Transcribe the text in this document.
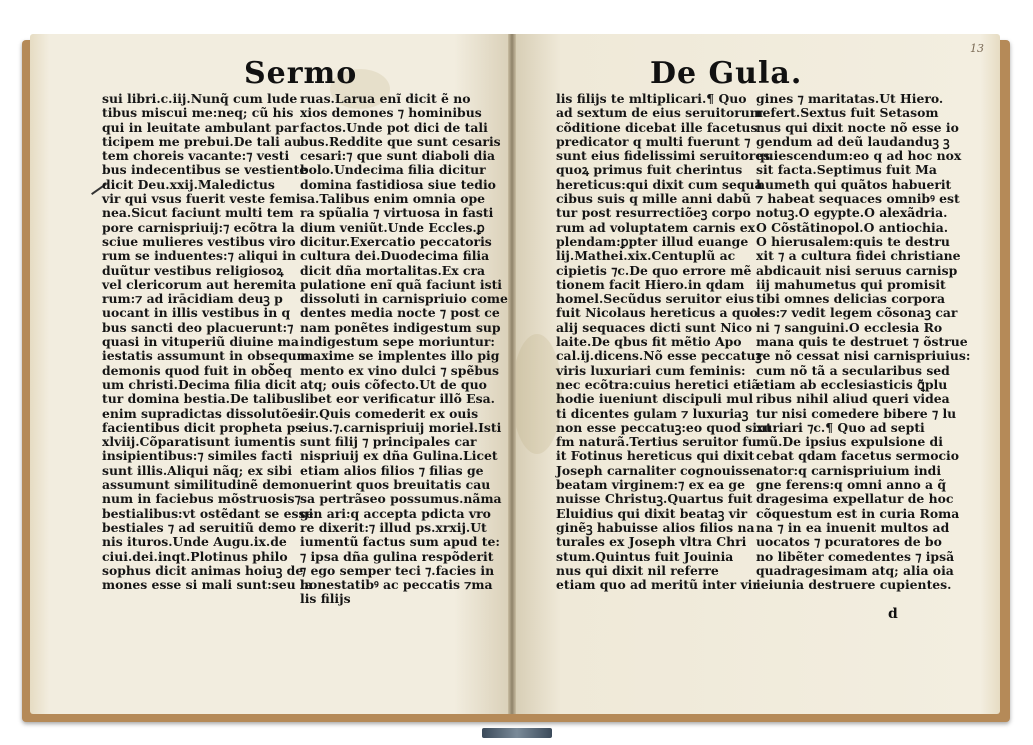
Sermo
sui libri.c.iij.Nunq̃ cum lude
tibus miscui me:neq; cũ his
qui in leuitate ambulant par
ticipem me prebui.De tali au
tem choreis vacante:⁊ vesti
bus indecentibus se vestiente
dicit Deu.xxij.Maledictus
vir qui vsus fuerit veste femi
nea.Sicut faciunt multi tem
pore carnispriuij:⁊ ecõtra la
sciue mulieres vestibus viro
rum se induentes:⁊ aliqui in
duũtur vestibus religiosoꝝ
vel clericorum aut heremita
rum:⁊ ad irācidiam deuꝫ p
uocant in illis vestibus in q
bus sancti deo placuerunt:⁊
quasi in vituperiũ diuine ma
iestatis assumunt in obsequm
demonis quod fuit in obꝺ̃eq
um christi.Decima filia dicit
tur domina bestia.De talibus
enim supradictas dissolutões
facientibus dicit propheta ps
xlviij.Cõparatisunt iumentis
insipientibus:⁊ similes facti
sunt illis.Aliqui nãq; ex sibi
assumunt similitudinẽ demo
num in faciebus mõstruosis⁊
bestialibus:vt ostẽdant se esse
bestiales ⁊ ad seruitiũ demo
nis ituros.Unde Augu.ix.de
ciui.dei.inqt.Plotinus philo
sophus dicit animas hoiuꝫ de
mones esse si mali sunt:seu la
ruas.Larua enĩ dicit ẽ no
xios demones ⁊ hominibus
factos.Unde pot dici de tali
bus.Reddite que sunt cesaris
cesari:⁊ que sunt diaboli dia
bolo.Undecima filia dicitur
domina fastidiosa siue tedio
sa.Talibus enim omnia ope
ra spũalia ⁊ virtuosa in fasti
dium veniũt.Unde Eccles.ꝑ
dicitur.Exercatio peccatoris
cultura dei.Duodecima filia
dicit dña mortalitas.Ex cra
pulatione enĩ quã faciunt isti
dissoluti in carnispriuio come
dentes media nocte ⁊ post ce
nam ponẽtes indigestum sup
indigestum sepe moriuntur:
maxime se implentes illo pig
mento ex vino dulci ⁊ spẽbus
atq; ouis cõfecto.Ut de quo
libet eor verificatur illõ Esa.
iir.Quis comederit ex ouis
eius.⁊.carnispriuij morieƚ.Isti
sunt filij ⁊ principales car
nispriuij ex dña Gulina.Licet
etiam alios filios ⁊ filias ge
nuerint quos breuitatis cau
sa pertrãseo possumus.nãma
gin ari:q accepta pdicta vro
re dixerit:⁊ illud ps.xrxij.Ut
iumentũ factus sum apud te:
⁊ ipsa dña gulina respõderit
⁊ ego semper teci ⁊.facies in
honestatibꝰ ac peccatis ⁊ma
lis filijs
De Gula.
13
lis filijs te mltiplicari.¶ Quo
ad sextum de eius seruitorum
cõditione dicebat ille facetus
predicator q multi fuerunt ⁊
sunt eius fidelissimi seruitores
quoꝝ primus fuit cherintus
hereticus:qui dixit cum sequa
cibus suis q mille anni dabũ
tur post resurrectiõeꝫ corpo
rum ad voluptatem carnis ex
plendam:ꝑpter illud euange
lij.Mathei.xix.Centuplũ ac
cipietis ⁊c.De quo errore mẽ
tionem facit Hiero.in qdam
homel.Secũdus seruitor eius
fuit Nicolaus hereticus a quo
alij sequaces dicti sunt Nico
laite.De qbus fit mẽtio Apo
cal.ij.dicens.Nõ esse peccatuꝫ
viris luxuriari cum feminis:
nec ecõtra:cuius heretici etiã
hodie iueniunt discipuli mul
ti dicentes gulam ⁊ luxuriaꝫ
non esse peccatuꝫ:eo quod sint
fm naturã.Tertius seruitor fu
it Fotinus hereticus qui dixit
Joseph carnaliter cognouisse
beatam virginem:⁊ ex ea ge
nuisse Christuꝫ.Quartus fuit
Eluidius qui dixit beataꝫ vir
ginẽꝫ habuisse alios filios na
turales ex Joseph vltra Chri
stum.Quintus fuit Jouinia
nus qui dixit nil referre
etiam quo ad meritũ inter vir
gines ⁊ maritatas.Ut Hiero.
refert.Sextus fuit Setasom
nus qui dixit nocte nõ esse io
gendum ad deũ laudanduꝫ ꝫ
quiescendum:eo q ad hoc nox
sit facta.Septimus fuit Ma
humeth qui quãtos habuerit
⁊ habeat sequaces omnibꝰ est
notuꝫ.O egypte.O alexãdria.
O Cõstãtinopol.O antiochia.
O hierusalem:quis te destru
xit ⁊ a cultura fidei christiane
abdicauit nisi seruus carnisp
iij mahumetus qui promisit
tibi omnes delicias corpora
les:⁊ vedit legem cõsonaꝫ car
ni ⁊ sanguini.O ecclesia Ro
mana quis te destruet ⁊ õstrue
re nõ cessat nisi carnispriuius:
cum nõ tã a secularibus sed
etiam ab ecclesiasticis ꝗ̃plu
ribus nihil aliud queri videa
tur nisi comedere bibere ⁊ lu
xuriari ⁊c.¶ Quo ad septi
mũ.De ipsius expulsione di
cebat qdam facetus sermocio
nator:q carnispriuium indi
gne ferens:q omni anno a q̃
dragesima expellatur de hoc
cõquestum est in curia Roma
na ⁊ in ea inuenit multos ad
uocatos ⁊ pcuratores de bo
no libẽter comedentes ⁊ ipsã
quadragesimam atq; alia oia
ieiunia destruere cupientes.
d
